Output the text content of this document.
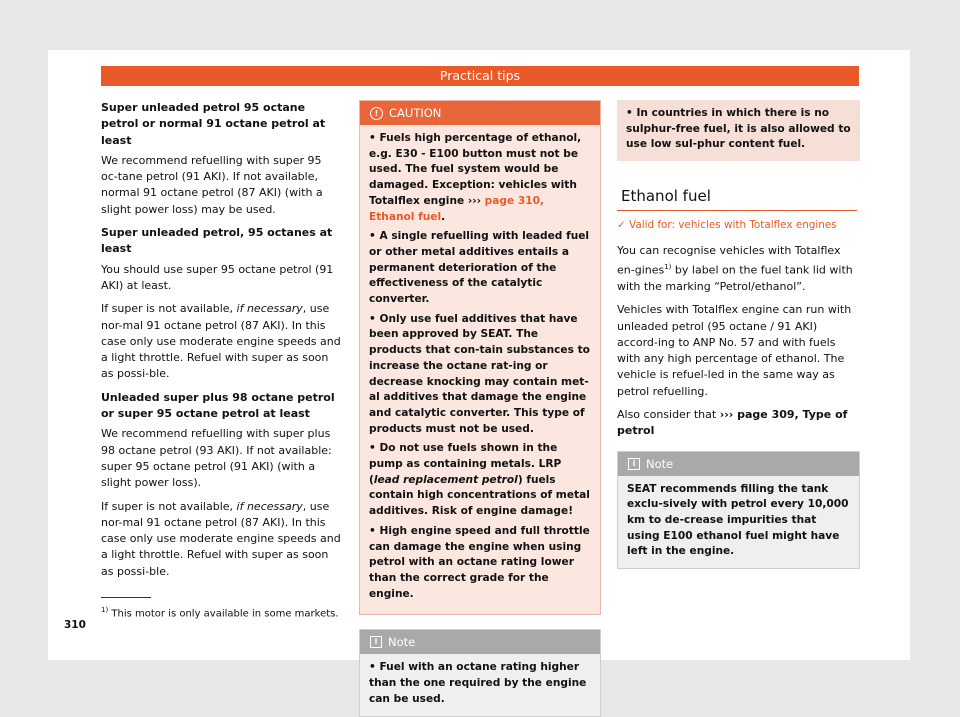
Practical tips

Super unleaded petrol 95 octane petrol or normal 91 octane petrol at least

We recommend refuelling with super 95 oc-tane petrol (91 AKI). If not available, normal 91 octane petrol (87 AKI) (with a slight power loss) may be used.

Super unleaded petrol, 95 octanes at least

You should use super 95 octane petrol (91 AKI) at least.

If super is not available, if necessary, use nor-mal 91 octane petrol (87 AKI). In this case only use moderate engine speeds and a light throttle. Refuel with super as soon as possi-ble.

Unleaded super plus 98 octane petrol or super 95 octane petrol at least

We recommend refuelling with super plus 98 octane petrol (93 AKI). If not available: super 95 octane petrol (91 AKI) (with a slight power loss).

If super is not available, if necessary, use nor-mal 91 octane petrol (87 AKI). In this case only use moderate engine speeds and a light throttle. Refuel with super as soon as possi-ble.

! CAUTION
• Fuels high percentage of ethanol, e.g. E30 - E100 button must not be used. The fuel system would be damaged. Exception: vehicles with Totalflex engine ››› page 310, Ethanol fuel.
• A single refuelling with leaded fuel or other metal additives entails a permanent deterioration of the effectiveness of the catalytic converter.
• Only use fuel additives that have been approved by SEAT. The products that con-tain substances to increase the octane rat-ing or decrease knocking may contain met-al additives that damage the engine and catalytic converter. This type of products must not be used.
• Do not use fuels shown in the pump as containing metals. LRP (lead replacement petrol) fuels contain high concentrations of metal additives. Risk of engine damage!
• High engine speed and full throttle can damage the engine when using petrol with an octane rating lower than the correct grade for the engine.
i Note
• Fuel with an octane rating higher than the one required by the engine can be used.
• In countries in which there is no sulphur-free fuel, it is also allowed to use low sul-phur content fuel.
Ethanol fuel
✓ Valid for: vehicles with Totalflex engines

You can recognise vehicles with Totalflex en-gines$^{1)}$ by label on the fuel tank lid with with the marking “Petrol/ethanol”.

Vehicles with Totalflex engine can run with unleaded petrol (95 octane / 91 AKI) accord-ing to ANP No. 57 and with fuels with any high percentage of ethanol. The vehicle is refuel-led in the same way as petrol refuelling.

Also consider that ››› page 309, Type of petrol

i Note
SEAT recommends filling the tank exclu-sively with petrol every 10,000 km to de-crease impurities that using E100 ethanol fuel might have left in the engine.
$^{1)}$ This motor is only available in some markets.
310
